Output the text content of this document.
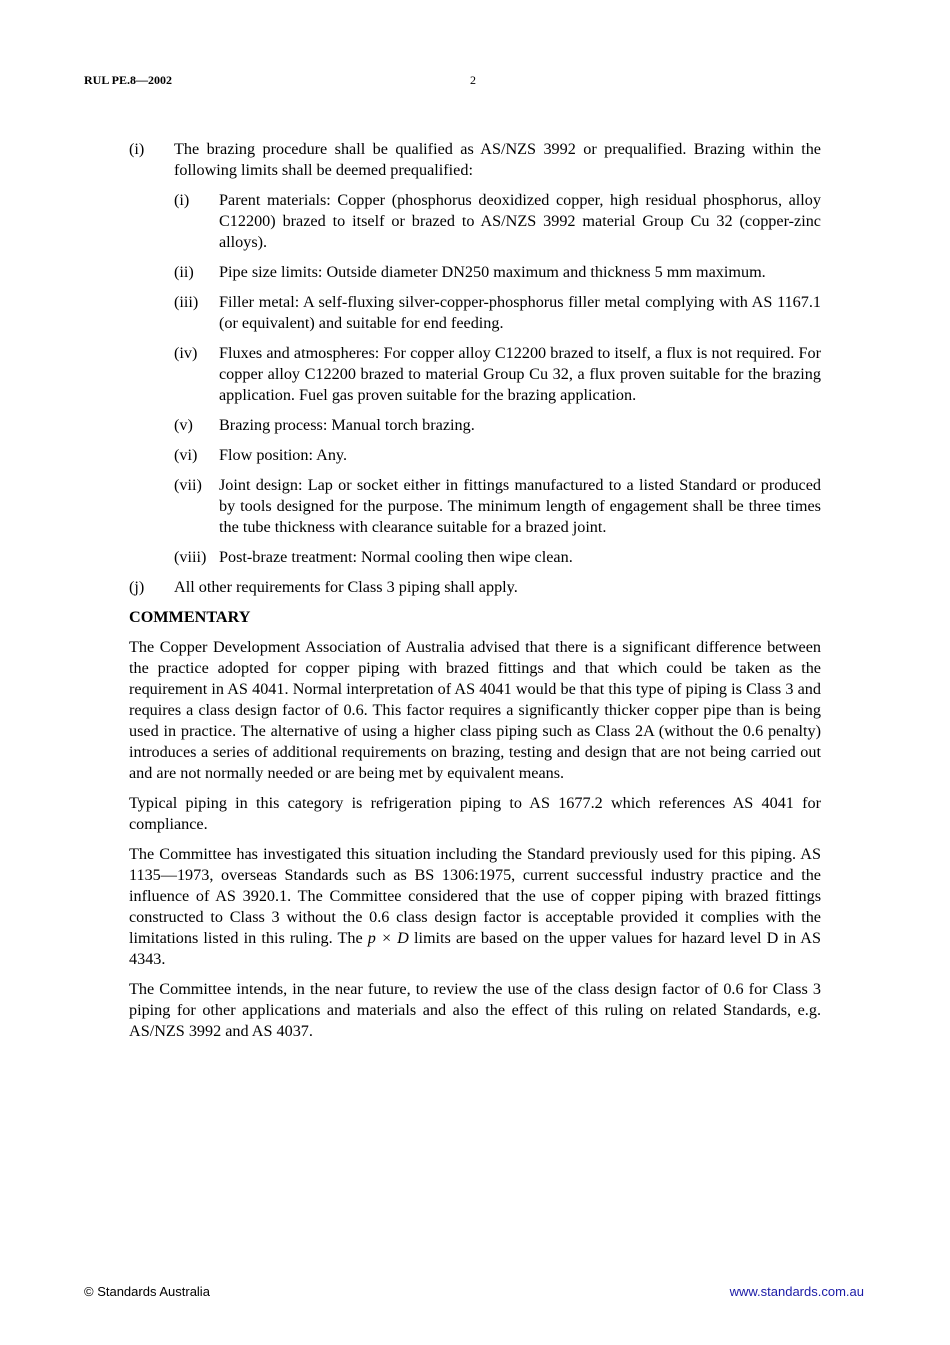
RUL PE.8—2002	2
(i)	The brazing procedure shall be qualified as AS/NZS 3992 or prequalified. Brazing within the following limits shall be deemed prequalified:
(i)	Parent materials: Copper (phosphorus deoxidized copper, high residual phosphorus, alloy C12200) brazed to itself or brazed to AS/NZS 3992 material Group Cu 32 (copper-zinc alloys).
(ii)	Pipe size limits: Outside diameter DN250 maximum and thickness 5 mm maximum.
(iii)	Filler metal: A self-fluxing silver-copper-phosphorus filler metal complying with AS 1167.1 (or equivalent) and suitable for end feeding.
(iv)	Fluxes and atmospheres: For copper alloy C12200 brazed to itself, a flux is not required. For copper alloy C12200 brazed to material Group Cu 32, a flux proven suitable for the brazing application. Fuel gas proven suitable for the brazing application.
(v)	Brazing process: Manual torch brazing.
(vi)	Flow position: Any.
(vii)	Joint design: Lap or socket either in fittings manufactured to a listed Standard or produced by tools designed for the purpose. The minimum length of engagement shall be three times the tube thickness with clearance suitable for a brazed joint.
(viii) Post-braze treatment: Normal cooling then wipe clean.
(j)	All other requirements for Class 3 piping shall apply.
COMMENTARY
The Copper Development Association of Australia advised that there is a significant difference between the practice adopted for copper piping with brazed fittings and that which could be taken as the requirement in AS 4041. Normal interpretation of AS 4041 would be that this type of piping is Class 3 and requires a class design factor of 0.6. This factor requires a significantly thicker copper pipe than is being used in practice. The alternative of using a higher class piping such as Class 2A (without the 0.6 penalty) introduces a series of additional requirements on brazing, testing and design that are not being carried out and are not normally needed or are being met by equivalent means.
Typical piping in this category is refrigeration piping to AS 1677.2 which references AS 4041 for compliance.
The Committee has investigated this situation including the Standard previously used for this piping. AS 1135—1973, overseas Standards such as BS 1306:1975, current successful industry practice and the influence of AS 3920.1. The Committee considered that the use of copper piping with brazed fittings constructed to Class 3 without the 0.6 class design factor is acceptable provided it complies with the limitations listed in this ruling. The p × D limits are based on the upper values for hazard level D in AS 4343.
The Committee intends, in the near future, to review the use of the class design factor of 0.6 for Class 3 piping for other applications and materials and also the effect of this ruling on related Standards, e.g. AS/NZS 3992 and AS 4037.
© Standards Australia	www.standards.com.au
